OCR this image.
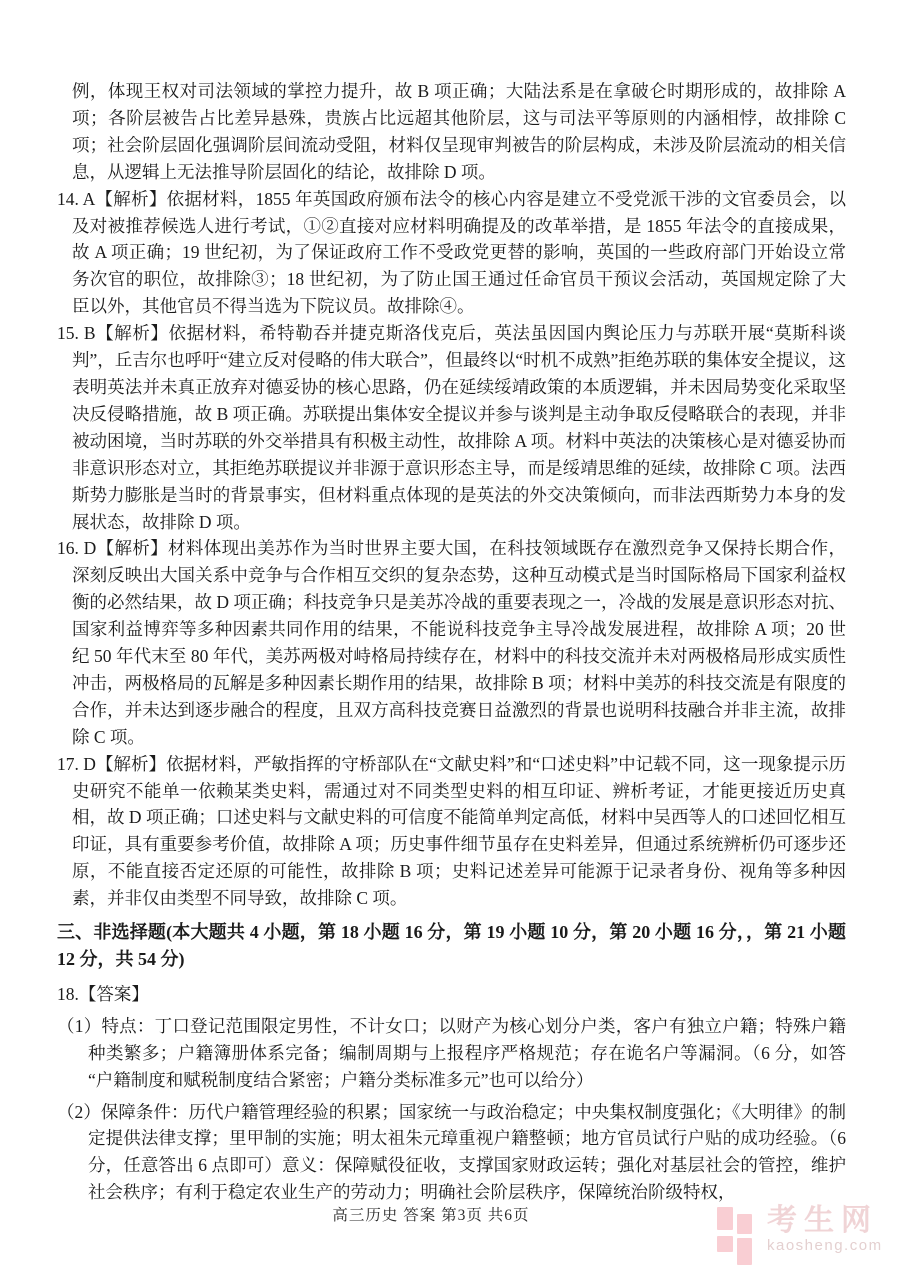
例，体现王权对司法领域的掌控力提升，故 B 项正确；大陆法系是在拿破仑时期形成的，故排除 A 项；各阶层被告占比差异悬殊，贵族占比远超其他阶层，这与司法平等原则的内涵相悖，故排除 C 项；社会阶层固化强调阶层间流动受阻，材料仅呈现审判被告的阶层构成，未涉及阶层流动的相关信息，从逻辑上无法推导阶层固化的结论，故排除 D 项。

14. A【解析】依据材料，1855 年英国政府颁布法令的核心内容是建立不受党派干涉的文官委员会，以及对被推荐候选人进行考试，①②直接对应材料明确提及的改革举措，是 1855 年法令的直接成果，故 A 项正确；19 世纪初，为了保证政府工作不受政党更替的影响，英国的一些政府部门开始设立常务次官的职位，故排除③；18 世纪初，为了防止国王通过任命官员干预议会活动，英国规定除了大臣以外，其他官员不得当选为下院议员。故排除④。

15. B【解析】依据材料，希特勒吞并捷克斯洛伐克后，英法虽因国内舆论压力与苏联开展“莫斯科谈判”，丘吉尔也呼吁“建立反对侵略的伟大联合”，但最终以“时机不成熟”拒绝苏联的集体安全提议，这表明英法并未真正放弃对德妥协的核心思路，仍在延续绥靖政策的本质逻辑，并未因局势变化采取坚决反侵略措施，故 B 项正确。苏联提出集体安全提议并参与谈判是主动争取反侵略联合的表现，并非被动困境，当时苏联的外交举措具有积极主动性，故排除 A 项。材料中英法的决策核心是对德妥协而非意识形态对立，其拒绝苏联提议并非源于意识形态主导，而是绥靖思维的延续，故排除 C 项。法西斯势力膨胀是当时的背景事实，但材料重点体现的是英法的外交决策倾向，而非法西斯势力本身的发展状态，故排除 D 项。

16. D【解析】材料体现出美苏作为当时世界主要大国，在科技领域既存在激烈竞争又保持长期合作，深刻反映出大国关系中竞争与合作相互交织的复杂态势，这种互动模式是当时国际格局下国家利益权衡的必然结果，故 D 项正确；科技竞争只是美苏冷战的重要表现之一，冷战的发展是意识形态对抗、国家利益博弈等多种因素共同作用的结果，不能说科技竞争主导冷战发展进程，故排除 A 项；20 世纪 50 年代末至 80 年代，美苏两极对峙格局持续存在，材料中的科技交流并未对两极格局形成实质性冲击，两极格局的瓦解是多种因素长期作用的结果，故排除 B 项；材料中美苏的科技交流是有限度的合作，并未达到逐步融合的程度，且双方高科技竞赛日益激烈的背景也说明科技融合并非主流，故排除 C 项。

17. D【解析】依据材料，严敏指挥的守桥部队在“文献史料”和“口述史料”中记载不同，这一现象提示历史研究不能单一依赖某类史料，需通过对不同类型史料的相互印证、辨析考证，才能更接近历史真相，故 D 项正确；口述史料与文献史料的可信度不能简单判定高低，材料中吴西等人的口述回忆相互印证，具有重要参考价值，故排除 A 项；历史事件细节虽存在史料差异，但通过系统辨析仍可逐步还原，不能直接否定还原的可能性，故排除 B 项；史料记述差异可能源于记录者身份、视角等多种因素，并非仅由类型不同导致，故排除 C 项。

三、非选择题(本大题共 4 小题，第 18 小题 16 分，第 19 小题 10 分，第 20 小题 16 分，，第 21 小题 12 分，共 54 分)

18.【答案】

（1）特点：丁口登记范围限定男性，不计女口；以财产为核心划分户类，客户有独立户籍；特殊户籍种类繁多；户籍簿册体系完备；编制周期与上报程序严格规范；存在诡名户等漏洞。（6 分，如答“户籍制度和赋税制度结合紧密；户籍分类标准多元”也可以给分）

（2）保障条件：历代户籍管理经验的积累；国家统一与政治稳定；中央集权制度强化；《大明律》的制定提供法律支撑；里甲制的实施；明太祖朱元璋重视户籍整顿；地方官员试行户贴的成功经验。（6 分，任意答出 6 点即可）意义：保障赋役征收，支撑国家财政运转；强化对基层社会的管控，维护社会秩序；有利于稳定农业生产的劳动力；明确社会阶层秩序，保障统治阶级特权，

高三历史 答案 第3页 共6页	考生网
kaosheng.com
